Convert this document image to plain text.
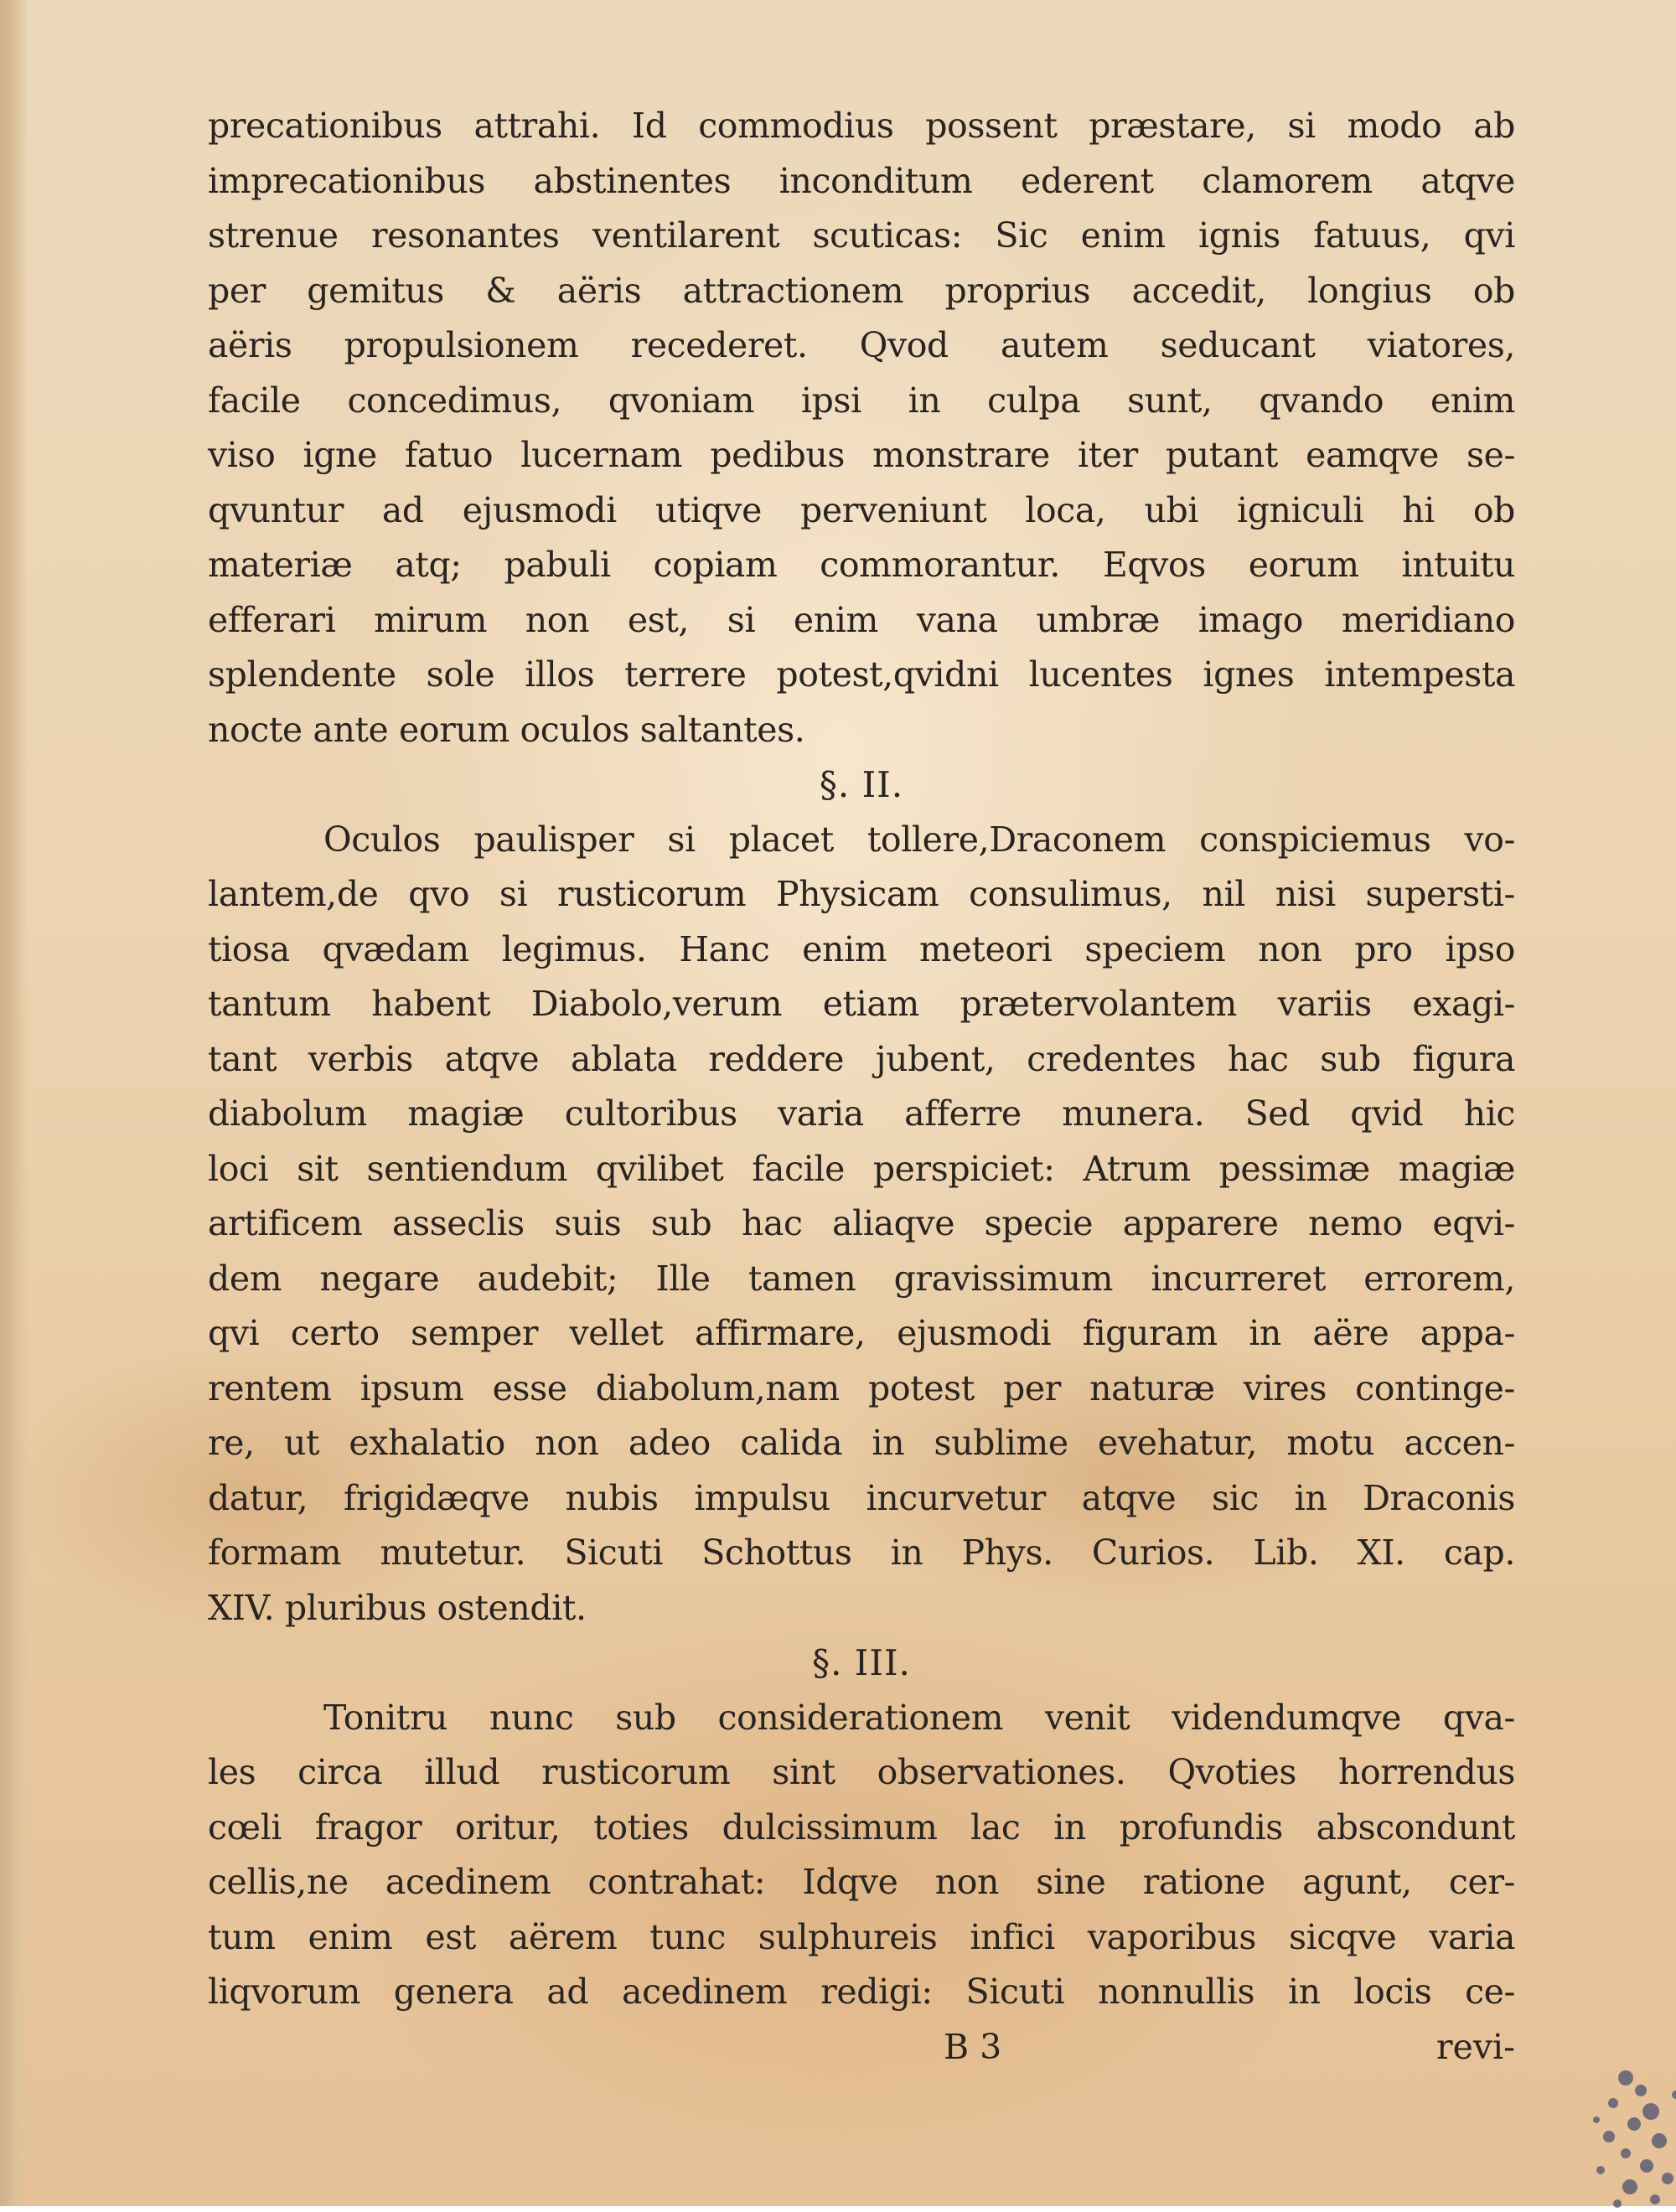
precationibus attrahi. Id commodius possent præstare, si modo ab
imprecationibus abstinentes inconditum ederent clamorem atqve
strenue resonantes ventilarent scuticas: Sic enim ignis fatuus, qvi
per gemitus & aëris attractionem proprius accedit, longius ob
aëris propulsionem recederet. Qvod autem seducant viatores,
facile concedimus, qvoniam ipsi in culpa sunt, qvando enim
viso igne fatuo lucernam pedibus monstrare iter putant eamqve se-
qvuntur ad ejusmodi utiqve perveniunt loca, ubi igniculi hi ob
materiæ atq; pabuli copiam commorantur. Eqvos eorum intuitu
efferari mirum non est, si enim vana umbræ imago meridiano
splendente sole illos terrere potest,qvidni lucentes ignes intempesta
nocte ante eorum oculos saltantes.
§. II.
Oculos paulisper si placet tollere,Draconem conspiciemus vo-
lantem,de qvo si rusticorum Physicam consulimus, nil nisi supersti-
tiosa qvædam legimus. Hanc enim meteori speciem non pro ipso
tantum habent Diabolo,verum etiam prætervolantem variis exagi-
tant verbis atqve ablata reddere jubent, credentes hac sub figura
diabolum magiæ cultoribus varia afferre munera. Sed qvid hic
loci sit sentiendum qvilibet facile perspiciet: Atrum pessimæ magiæ
artificem asseclis suis sub hac aliaqve specie apparere nemo eqvi-
dem negare audebit; Ille tamen gravissimum incurreret errorem,
qvi certo semper vellet affirmare, ejusmodi figuram in aëre appa-
rentem ipsum esse diabolum,nam potest per naturæ vires continge-
re, ut exhalatio non adeo calida in sublime evehatur, motu accen-
datur, frigidæqve nubis impulsu incurvetur atqve sic in Draconis
formam mutetur. Sicuti Schottus in Phys. Curios. Lib. XI. cap.
XIV. pluribus ostendit.
§. III.
Tonitru nunc sub considerationem venit videndumqve qva-
les circa illud rusticorum sint observationes. Qvoties horrendus
cœli fragor oritur, toties dulcissimum lac in profundis abscondunt
cellis,ne acedinem contrahat: Idqve non sine ratione agunt, cer-
tum enim est aërem tunc sulphureis infici vaporibus sicqve varia
liqvorum genera ad acedinem redigi: Sicuti nonnullis in locis ce-
B 3	revi-
